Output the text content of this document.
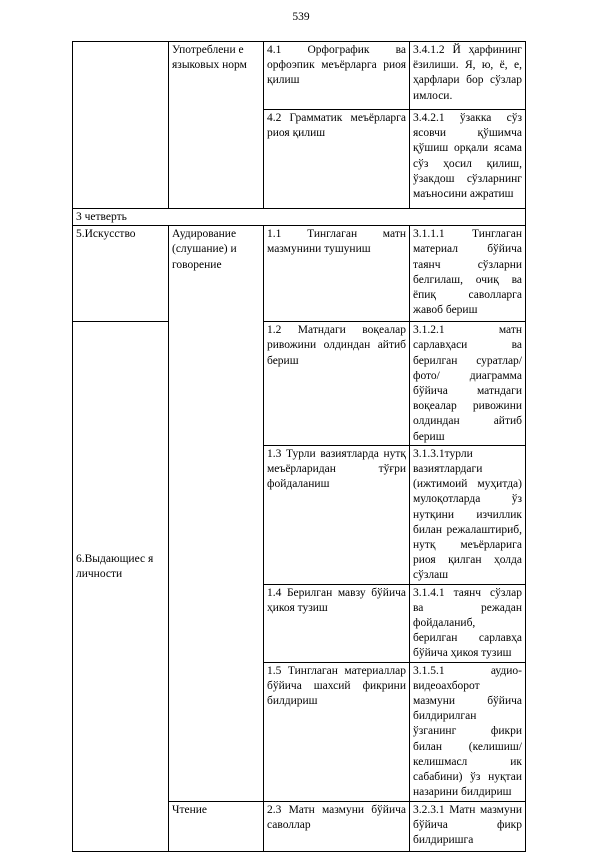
539
	Употреблени е языковых норм	4.1 Орфографик ва орфоэпик меъёрларга риоя қилиш	3.4.1.2 Й ҳарфининг ёзилиши. Я, ю, ё, е, ҳарфлари бор сўзлар имлоси.
		4.2 Грамматик меъёрларга риоя қилиш	3.4.2.1 ўзакка сўз ясовчи қўшимча қўшиш орқали ясама сўз ҳосил қилиш, ўзакдош сўзларнинг маъносини ажратиш
3 четверть			
5.Искусство	Аудирование (слушание) и говорение	1.1 Тинглаган матн мазмунини тушуниш	3.1.1.1 Тинглаган материал бўйича таянч сўзларни белгилаш, очиқ ва ёпиқ саволларга жавоб бериш
6.Выдающиес я личности		1.2 Матндаги воқеалар ривожини олдиндан айтиб бериш	3.1.2.1 матн сарлавҳаси ва берилган суратлар/ фото/ диаграмма бўйича матндаги воқеалар ривожини олдиндан айтиб бериш
		1.3 Турли вазиятларда нутқ меъёрларидан тўғри фойдаланиш	3.1.3.1турли вазиятлардаги (ижтимоий муҳитда) мулоқотларда ўз нутқини изчиллик билан режалаштириб, нутқ меъёрларига риоя қилган ҳолда сўзлаш
		1.4 Берилган мавзу бўйича ҳикоя тузиш	3.1.4.1 таянч сўзлар ва режадан фойдаланиб, берилган сарлавҳа бўйича ҳикоя тузиш
		1.5 Тинглаган материаллар бўйича шахсий фикрини билдириш	3.1.5.1 аудио-видеоахборот мазмуни бўйича билдирилган ўзганинг фикри билан (келишиш/келишмасл ик сабабини) ўз нуқтаи назарини билдириш
	Чтение	2.3 Матн мазмуни бўйича саволлар	3.2.3.1 Матн мазмуни бўйича фикр билдиришга
